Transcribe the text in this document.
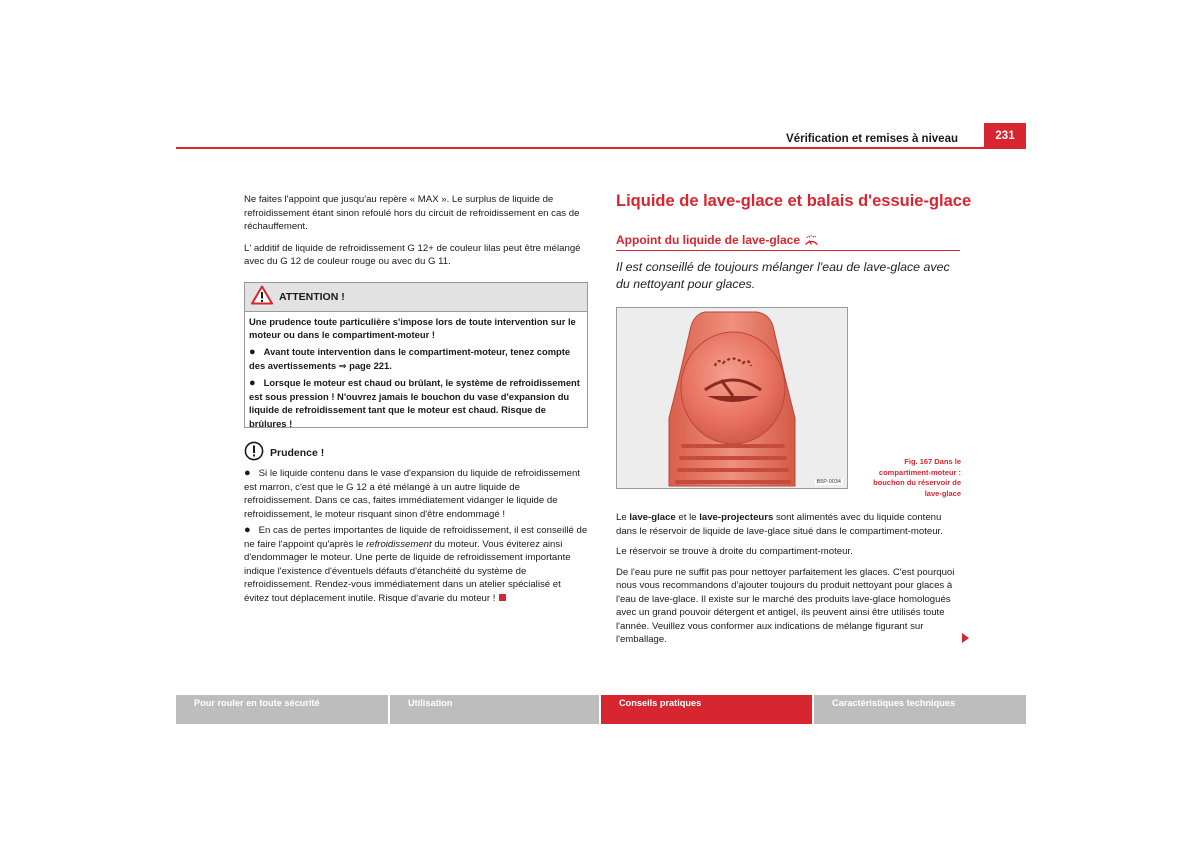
Vérification et remises à niveau	231

Ne faites l'appoint que jusqu'au repère « MAX ». Le surplus de liquide de refroidissement étant sinon refoulé hors du circuit de refroidissement en cas de réchauffement.

L' additif de liquide de refroidissement G 12+ de couleur lilas peut être mélangé avec du G 12 de couleur rouge ou avec du G 11.

ATTENTION !

Une prudence toute particulière s'impose lors de toute intervention sur le moteur ou dans le compartiment-moteur !

● Avant toute intervention dans le compartiment-moteur, tenez compte des avertissements ⇒ page 221.

● Lorsque le moteur est chaud ou brûlant, le système de refroidissement est sous pression ! N'ouvrez jamais le bouchon du vase d'expansion du liquide de refroidissement tant que le moteur est chaud. Risque de brûlures !

Prudence !

● Si le liquide contenu dans le vase d'expansion du liquide de refroidissement est marron, c'est que le G 12 a été mélangé à un autre liquide de refroidissement. Dans ce cas, faites immédiatement vidanger le liquide de refroidissement, le moteur risquant sinon d'être endommagé !

● En cas de pertes importantes de liquide de refroidissement, il est conseillé de ne faire l'appoint qu'après le refroidissement du moteur. Vous éviterez ainsi d'endommager le moteur. Une perte de liquide de refroidissement importante indique l'existence d'éventuels défauts d'étanchéité du système de refroidissement. Rendez-vous immédiatement dans un atelier spécialisé et évitez tout déplacement inutile. Risque d'avarie du moteur !

Liquide de lave-glace et balais d'essuie-glace
Appoint du liquide de lave-glace
Il est conseillé de toujours mélanger l'eau de lave-glace avec du nettoyant pour glaces.
B5P-0034
Fig. 167 Dans le compartiment-moteur : bouchon du réservoir de lave-glace

Le lave-glace et le lave-projecteurs sont alimentés avec du liquide contenu dans le réservoir de liquide de lave-glace situé dans le compartiment-moteur.

Le réservoir se trouve à droite du compartiment-moteur.

De l'eau pure ne suffit pas pour nettoyer parfaitement les glaces. C'est pourquoi nous vous recommandons d'ajouter toujours du produit nettoyant pour glaces à l'eau de lave-glace. Il existe sur le marché des produits lave-glace homologués avec un grand pouvoir détergent et antigel, ils peuvent ainsi être utilisés toute l'année. Veuillez vous conformer aux indications de mélange figurant sur l'emballage.

Pour rouler en toute sécurité	Utilisation	Conseils pratiques	Caractéristiques techniques
